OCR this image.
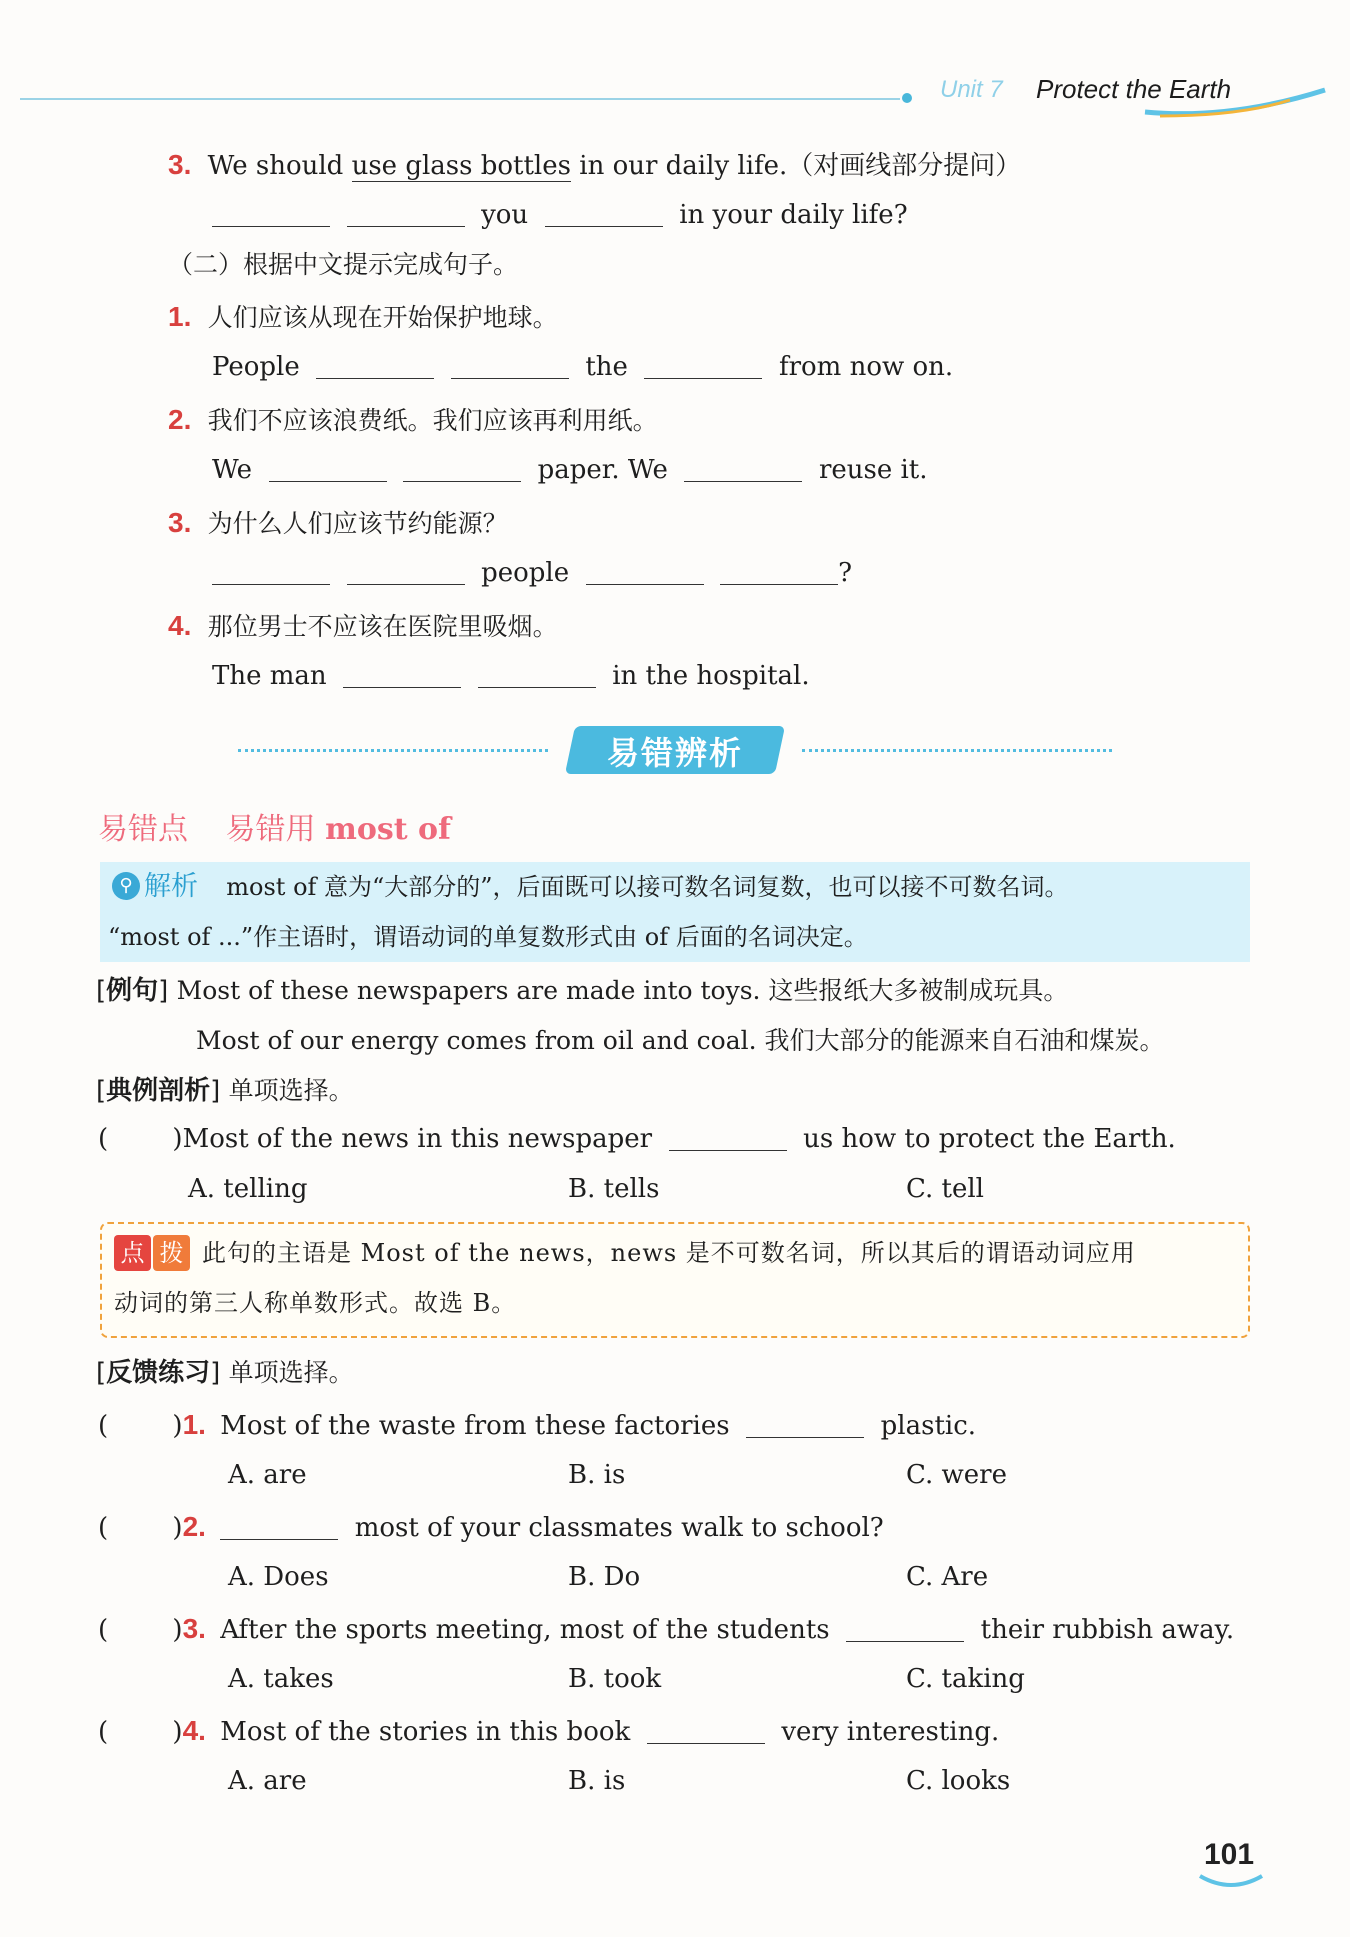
Unit 7 Protect the Earth
3. We should use glass bottles in our daily life.（对画线部分提问）
you	in your daily life?
（二）根据中文提示完成句子。
1. 人们应该从现在开始保护地球。
People	the	from now on.
2. 我们不应该浪费纸。我们应该再利用纸。
We	paper. We	reuse it.
3. 为什么人们应该节约能源？
people	?
4. 那位男士不应该在医院里吸烟。
The man	in the hospital.
易错辨析
易错点 易错用 most of
⚲ 解析 most of 意为“大部分的”，后面既可以接可数名词复数，也可以接不可数名词。
“most of ...”作主语时，谓语动词的单复数形式由 of 后面的名词决定。
[例句] Most of these newspapers are made into toys. 这些报纸大多被制成玩具。
Most of our energy comes from oil and coal. 我们大部分的能源来自石油和煤炭。
[典例剖析] 单项选择。
( )Most of the news in this newspaper	us how to protect the Earth.
A. telling	B. tells	C. tell
点 拨 此句的主语是 Most of the news，news 是不可数名词，所以其后的谓语动词应用
动词的第三人称单数形式。故选 B。
[反馈练习] 单项选择。
( )1. Most of the waste from these factories	plastic.
A. are	B. is	C. were
( )2.	most of your classmates walk to school?
A. Does	B. Do	C. Are
( )3. After the sports meeting, most of the students	their rubbish away.
A. takes	B. took	C. taking
( )4. Most of the stories in this book	very interesting.
A. are	B. is	C. looks
101
